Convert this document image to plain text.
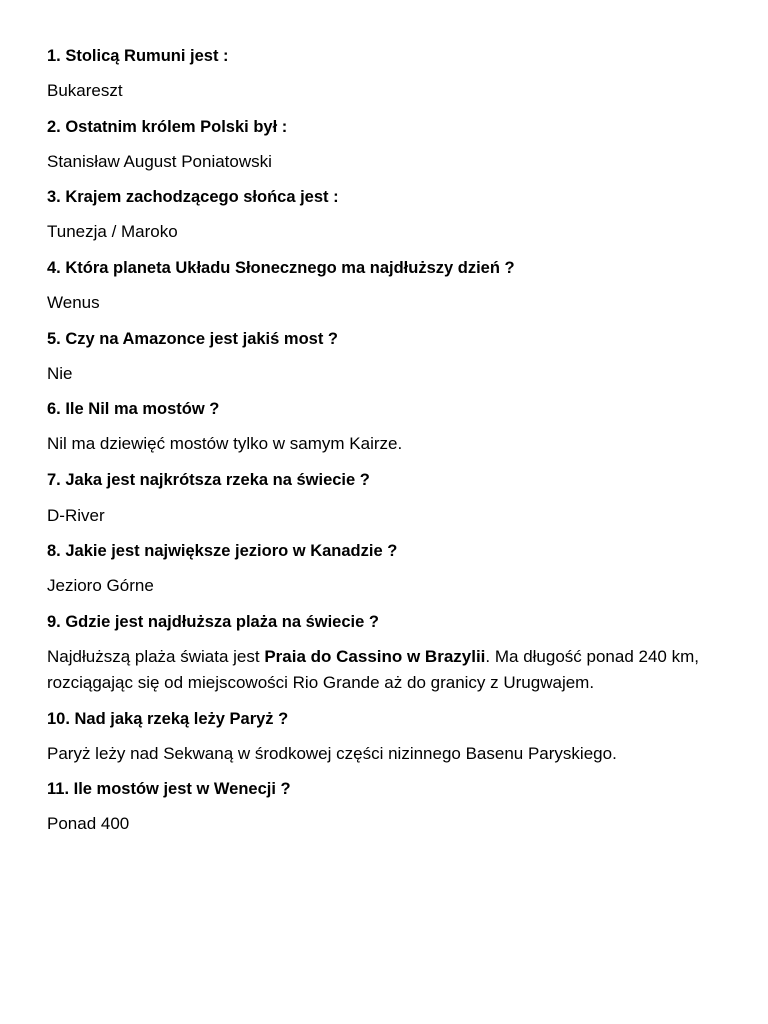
1. Stolicą Rumuni jest :
Bukareszt
2. Ostatnim królem Polski był :
Stanisław August Poniatowski
3. Krajem zachodzącego słońca jest :
Tunezja / Maroko
4. Która planeta Układu Słonecznego ma najdłuższy dzień ?
Wenus
5. Czy na Amazonce jest jakiś most ?
Nie
6. Ile Nil ma mostów ?
Nil ma dziewięć mostów tylko w samym Kairze.
7. Jaka jest najkrótsza rzeka na świecie ?
D-River
8. Jakie jest największe jezioro w Kanadzie ?
Jezioro Górne
9. Gdzie jest najdłuższa plaża na świecie ?
Najdłuższą plaża świata jest Praia do Cassino w Brazylii. Ma długość ponad 240 km, rozciągając się od miejscowości Rio Grande aż do granicy z Urugwajem.
10. Nad jaką rzeką leży Paryż ?
Paryż leży nad Sekwaną w środkowej części nizinnego Basenu Paryskiego.
11. Ile mostów jest w Wenecji ?
Ponad 400
